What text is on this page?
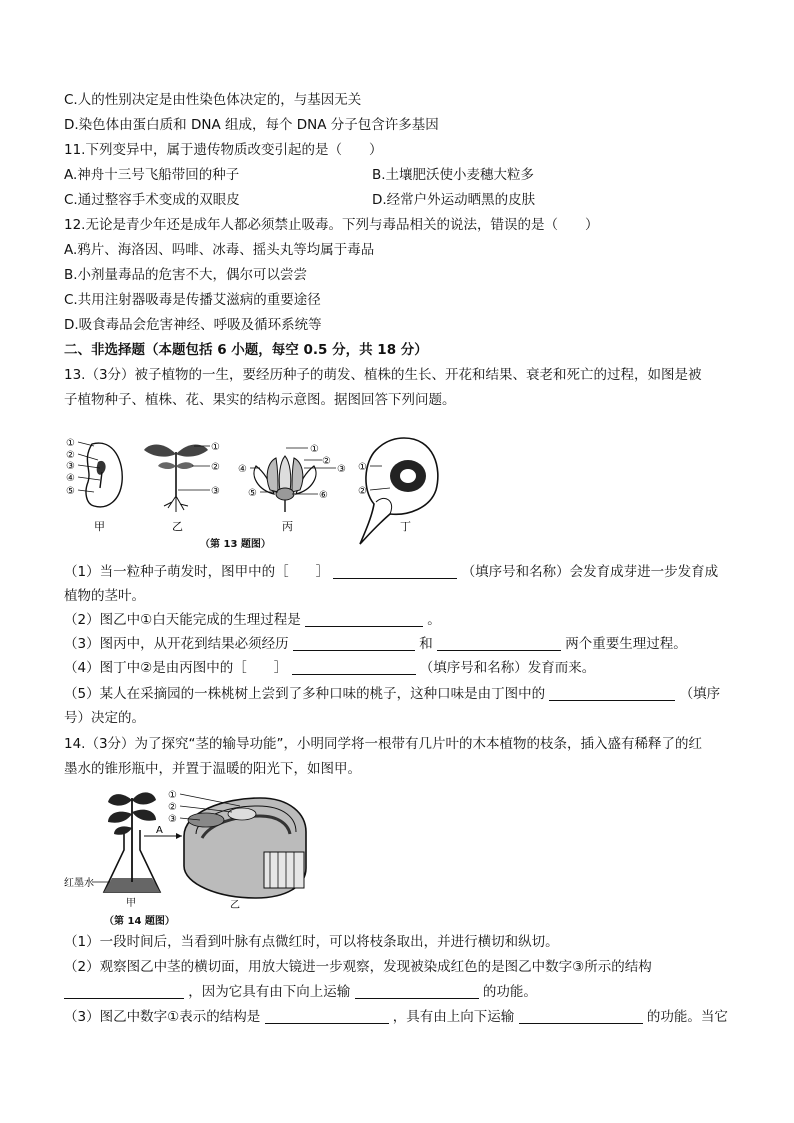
C.人的性别决定是由性染色体决定的，与基因无关
D.染色体由蛋白质和 DNA 组成，每个 DNA 分子包含许多基因
11.下列变异中，属于遗传物质改变引起的是（　　）
A.神舟十三号飞船带回的种子	B.土壤肥沃使小麦穗大粒多
C.通过整容手术变成的双眼皮	D.经常户外运动晒黑的皮肤
12.无论是青少年还是成年人都必须禁止吸毒。下列与毒品相关的说法，错误的是（　　）
A.鸦片、海洛因、吗啡、冰毒、摇头丸等均属于毒品
B.小剂量毒品的危害不大，偶尔可以尝尝
C.共用注射器吸毒是传播艾滋病的重要途径
D.吸食毒品会危害神经、呼吸及循环系统等
二、非选择题（本题包括 6 小题，每空 0.5 分，共 18 分）
13.（3分）被子植物的一生，要经历种子的萌发、植株的生长、开花和结果、衰老和死亡的过程，如图是被
子植物种子、植株、花、果实的结构示意图。据图回答下列问题。
①
②
③
④
⑤
甲
①
②
③
乙
①
②
③
④
⑤	⑥
丙
①
②
丁
（第 13 题图）
（1）当一粒种子萌发时，图甲中的［　　］	（填序号和名称）会发育成芽进一步发育成
植物的茎叶。
（2）图乙中①白天能完成的生理过程是	。
（3）图丙中，从开花到结果必须经历	和	两个重要生理过程。
（4）图丁中②是由丙图中的［　　］	（填序号和名称）发育而来。
（5）某人在采摘园的一株桃树上尝到了多种口味的桃子，这种口味是由丁图中的	（填序
号）决定的。
14.（3分）为了探究“茎的输导功能”，小明同学将一根带有几片叶的木本植物的枝条，插入盛有稀释了的红
墨水的锥形瓶中，并置于温暖的阳光下，如图甲。
A
红墨水
甲
①
②
③
乙
（第 14 题图）
（1）一段时间后，当看到叶脉有点微红时，可以将枝条取出，并进行横切和纵切。
（2）观察图乙中茎的横切面，用放大镜进一步观察，发现被染成红色的是图乙中数字③所示的结构
，因为它具有由下向上运输	的功能。
（3）图乙中数字①表示的结构是	，具有由上向下运输	的功能。当它
